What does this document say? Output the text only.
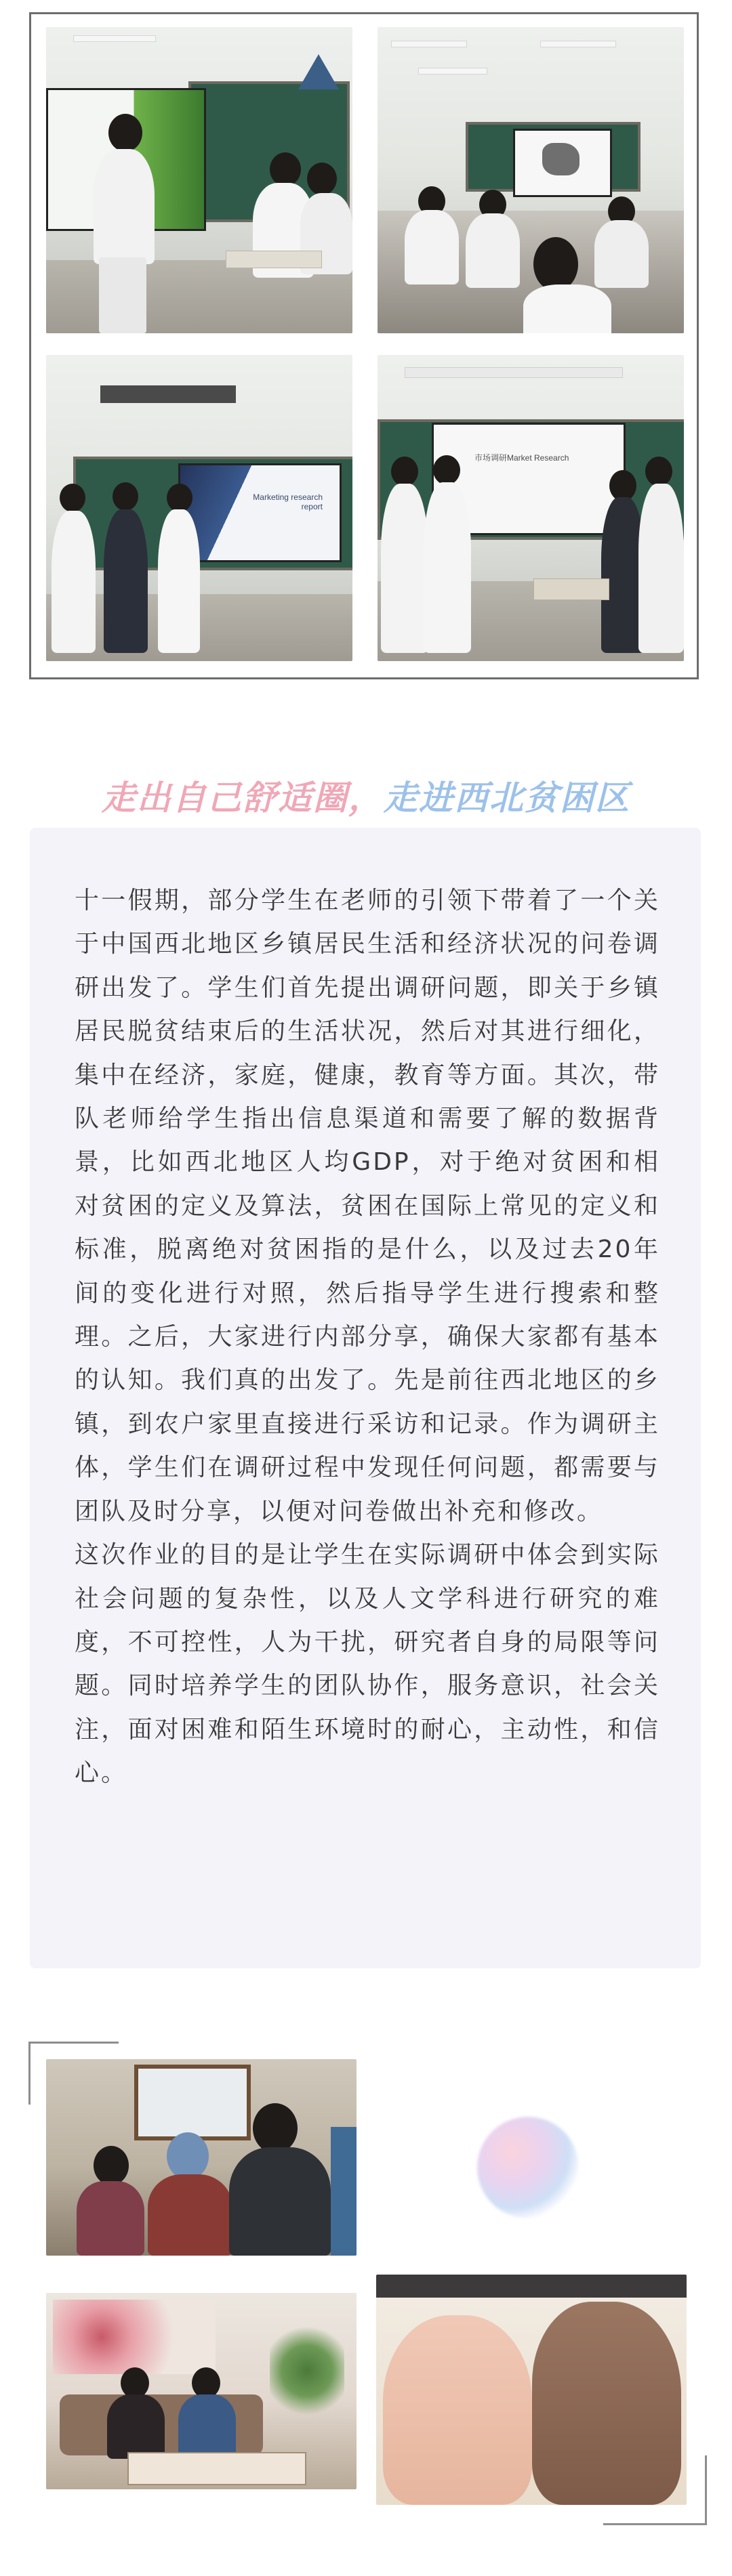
Marketing research report
市场调研Market Research
走出自己舒适圈，走进西北贫困区

十一假期，部分学生在老师的引领下带着了一个关于中国西北地区乡镇居民生活和经济状况的问卷调研出发了。学生们首先提出调研问题，即关于乡镇居民脱贫结束后的生活状况，然后对其进行细化，集中在经济，家庭，健康，教育等方面。其次，带队老师给学生指出信息渠道和需要了解的数据背景，比如西北地区人均GDP，对于绝对贫困和相对贫困的定义及算法，贫困在国际上常见的定义和标准，脱离绝对贫困指的是什么，以及过去20年间的变化进行对照，然后指导学生进行搜索和整理。之后，大家进行内部分享，确保大家都有基本的认知。我们真的出发了。先是前往西北地区的乡镇，到农户家里直接进行采访和记录。作为调研主体，学生们在调研过程中发现任何问题，都需要与团队及时分享，以便对问卷做出补充和修改。

这次作业的目的是让学生在实际调研中体会到实际社会问题的复杂性，以及人文学科进行研究的难度，不可控性，人为干扰，研究者自身的局限等问题。同时培养学生的团队协作，服务意识，社会关注，面对困难和陌生环境时的耐心，主动性，和信心。
